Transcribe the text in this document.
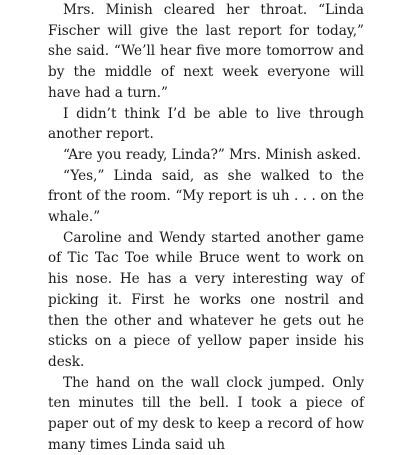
Mrs. Minish cleared her throat. “Linda Fischer will give the last report for today,” she said. “We’ll hear five more tomorrow and by the middle of next week everyone will have had a turn.”

I didn’t think I’d be able to live through another report.

“Are you ready, Linda?” Mrs. Minish asked.

“Yes,” Linda said, as she walked to the front of the room. “My report is uh . . . on the whale.”

Caroline and Wendy started another game of Tic Tac Toe while Bruce went to work on his nose. He has a very interesting way of picking it. First he works one nostril and then the other and whatever he gets out he sticks on a piece of yellow paper inside his desk.

The hand on the wall clock jumped. Only ten minutes till the bell. I took a piece of paper out of my desk to keep a record of how many times Linda said uh
